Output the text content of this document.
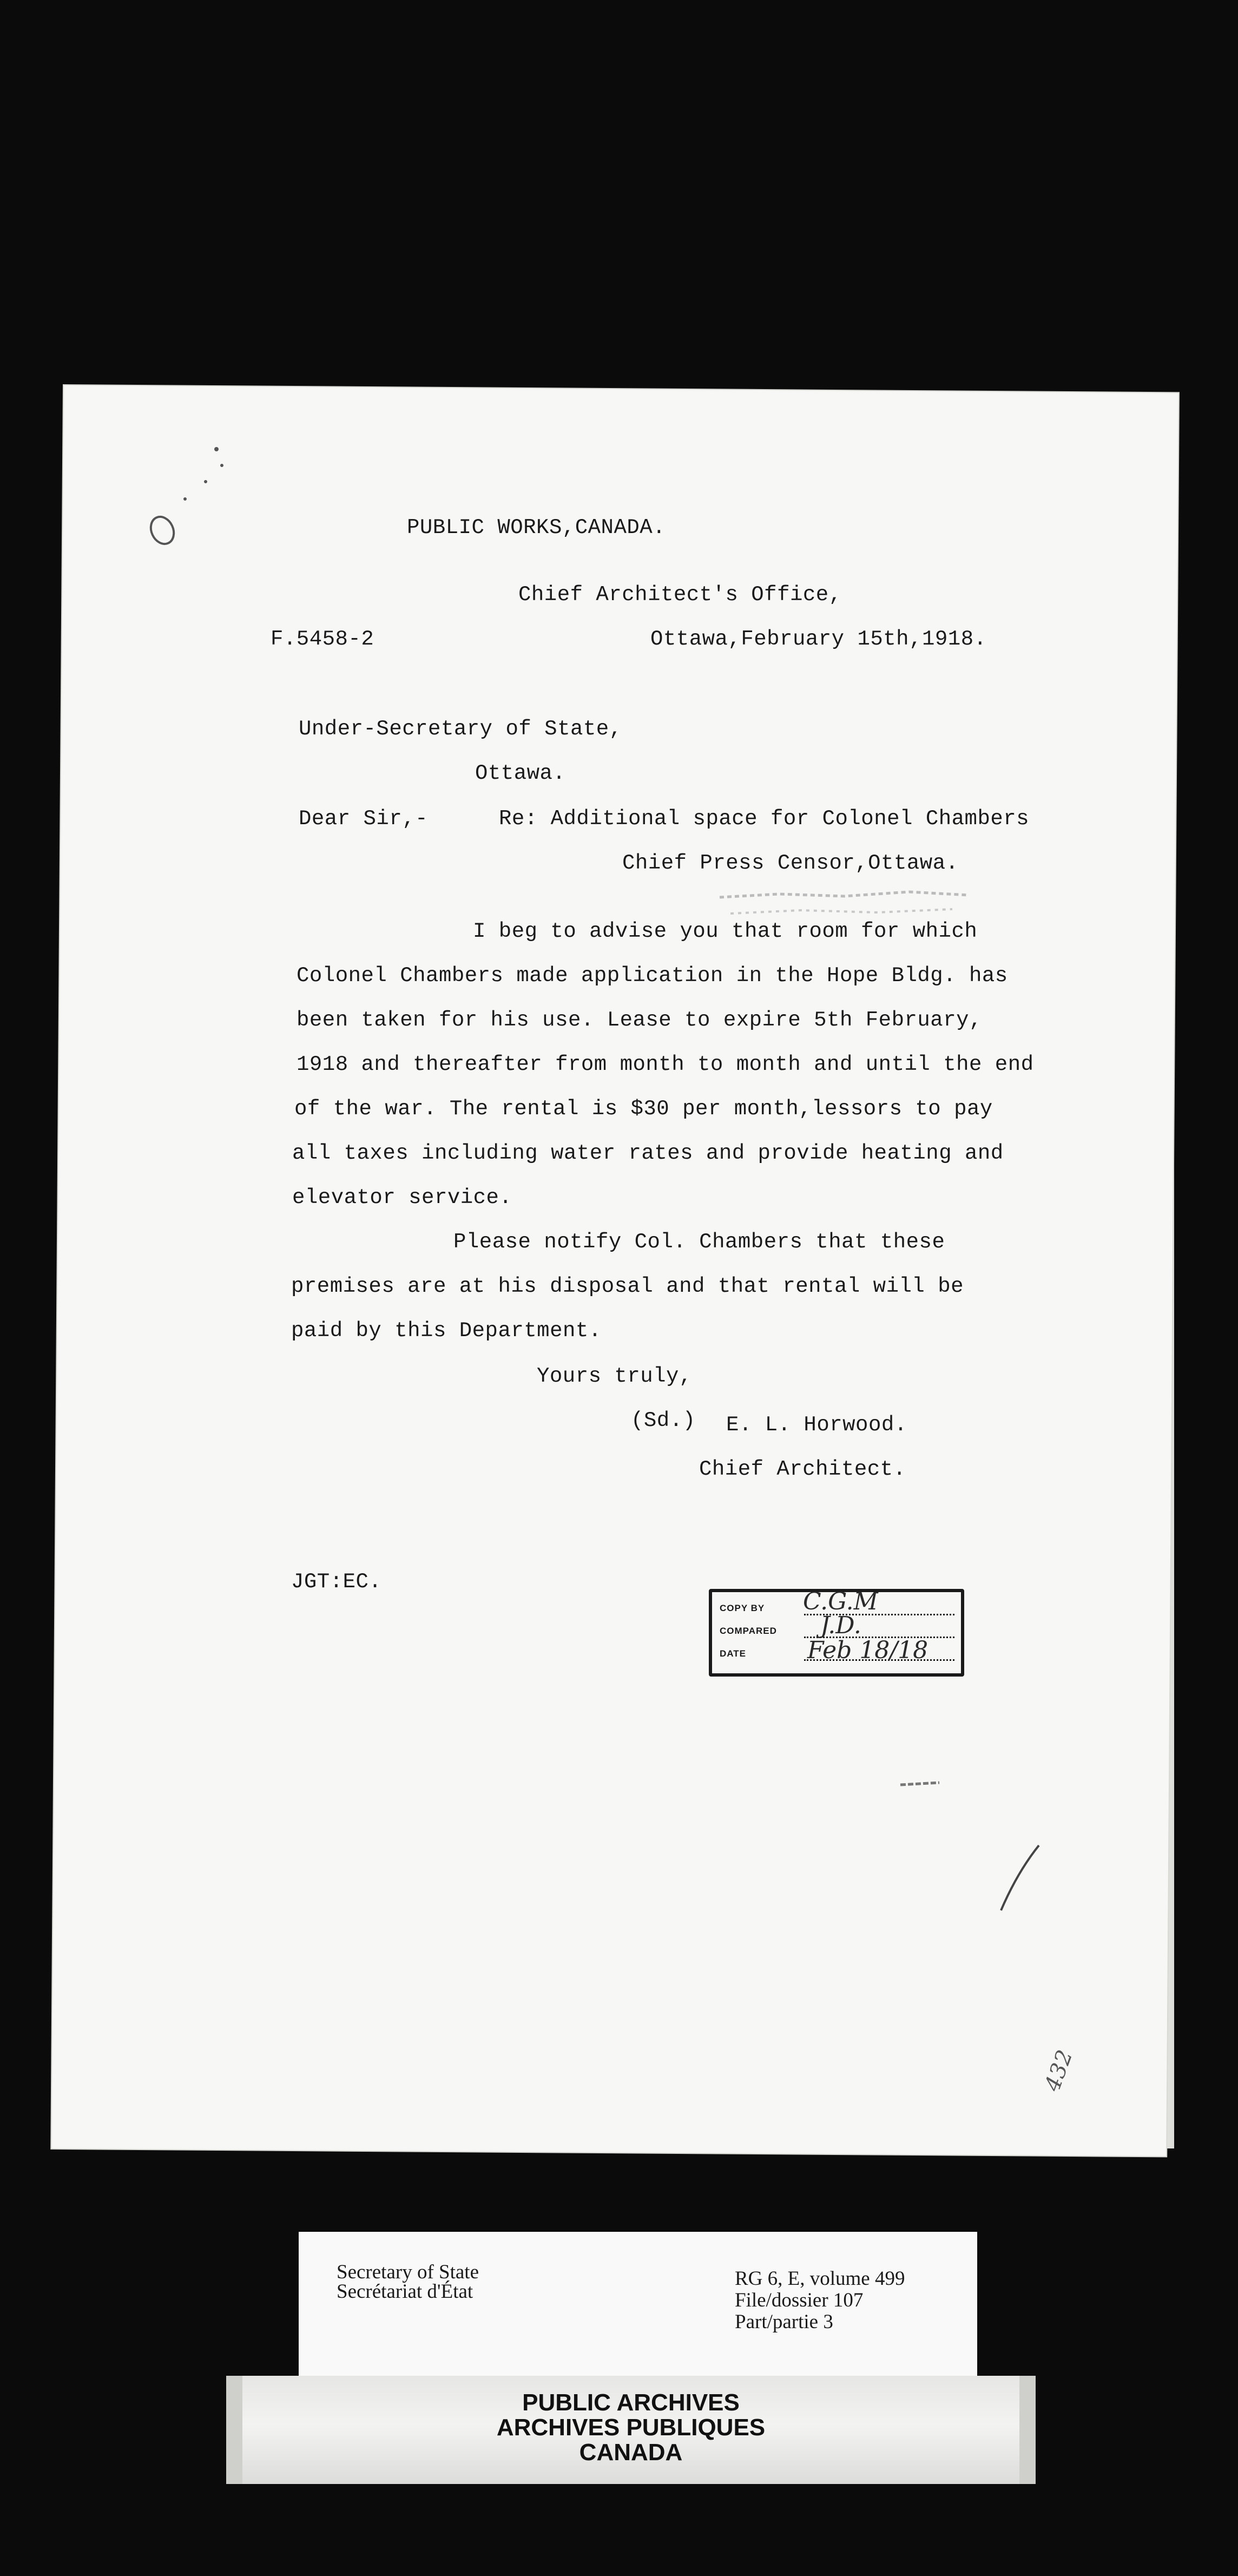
PUBLIC WORKS,CANADA.
Chief Architect's Office,
F.5458-2	Ottawa,February 15th,1918.
Under-Secretary of State,
Ottawa.
Dear Sir,-	Re: Additional space for Colonel Chambers
Chief Press Censor,Ottawa.
I beg to advise you that room for which
Colonel Chambers made application in the Hope Bldg. has
been taken for his use. Lease to expire 5th February,
1918 and thereafter from month to month and until the end
of the war. The rental is $30 per month,lessors to pay
all taxes including water rates and provide heating and
elevator service.
Please notify Col. Chambers that these
premises are at his disposal and that rental will be
paid by this Department.
Yours truly,
(Sd.) E. L. Horwood.
Chief Architect.
JGT:EC.
COPY BY
COMPARED
DATE
C.G.M
J.D.
Feb 18/18
432
Secretary of State
Secrétariat d'État
RG 6, E, volume 499
File/dossier 107
Part/partie 3
PUBLIC ARCHIVES
ARCHIVES PUBLIQUES
CANADA
